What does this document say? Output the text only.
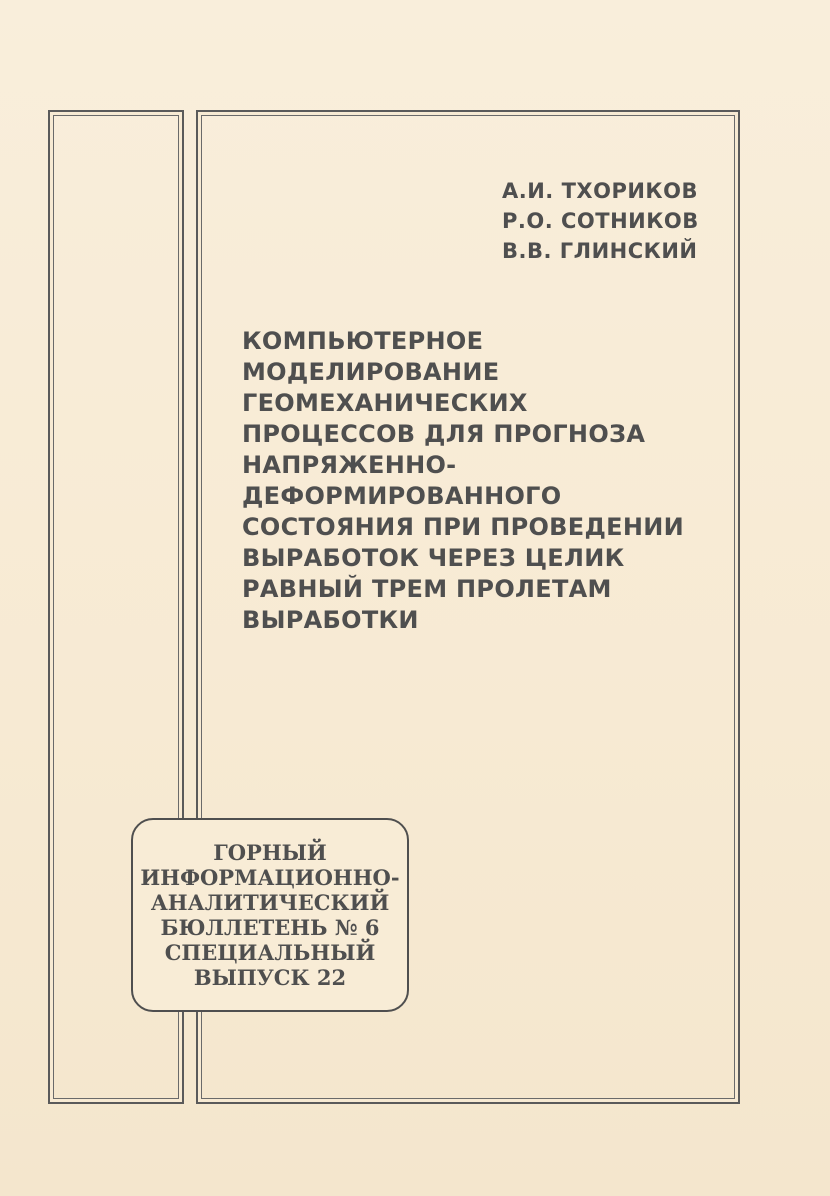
А.И. ТХОРИКОВ
Р.О. СОТНИКОВ
В.В. ГЛИНСКИЙ
КОМПЬЮТЕРНОЕ
МОДЕЛИРОВАНИЕ
ГЕОМЕХАНИЧЕСКИХ
ПРОЦЕССОВ ДЛЯ ПРОГНОЗА
НАПРЯЖЕННО-
ДЕФОРМИРОВАННОГО
СОСТОЯНИЯ ПРИ ПРОВЕДЕНИИ
ВЫРАБОТОК ЧЕРЕЗ ЦЕЛИК
РАВНЫЙ ТРЕМ ПРОЛЕТАМ
ВЫРАБОТКИ
ГОРНЫЙ
ИНФОРМАЦИОННО-
АНАЛИТИЧЕСКИЙ
БЮЛЛЕТЕНЬ № 6
СПЕЦИАЛЬНЫЙ
ВЫПУСК 22
